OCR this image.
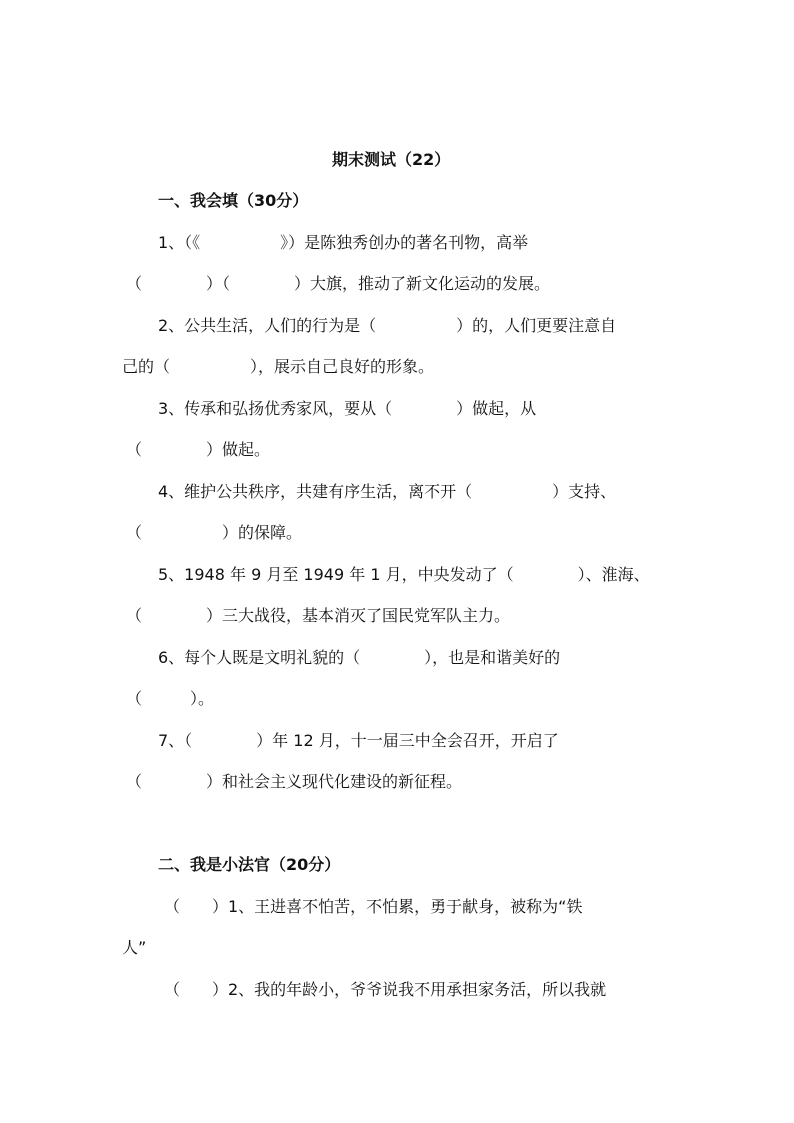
期末测试（22）
一、我会填（30分）
1、（《　　　　　》）是陈独秀创办的著名刊物，高举
（　　　　）（　　　　）大旗，推动了新文化运动的发展。
2、公共生活，人们的行为是（　　　　　）的，人们更要注意自
己的（　　　　　），展示自己良好的形象。
3、传承和弘扬优秀家风，要从（　　　　）做起，从
（　　　　）做起。
4、维护公共秩序，共建有序生活，离不开（　　　　　）支持、
（　　　　　）的保障。
5、1948 年 9 月至 1949 年 1 月，中央发动了（　　　　）、淮海、
（　　　　）三大战役，基本消灭了国民党军队主力。
6、每个人既是文明礼貌的（　　　　），也是和谐美好的
（　　　）。
7、（　　　　）年 12 月，十一届三中全会召开，开启了
（　　　　）和社会主义现代化建设的新征程。
二、我是小法官（20分）
（　　）1、王进喜不怕苦，不怕累，勇于献身，被称为“铁
人”
（　　）2、我的年龄小，爷爷说我不用承担家务活，所以我就
